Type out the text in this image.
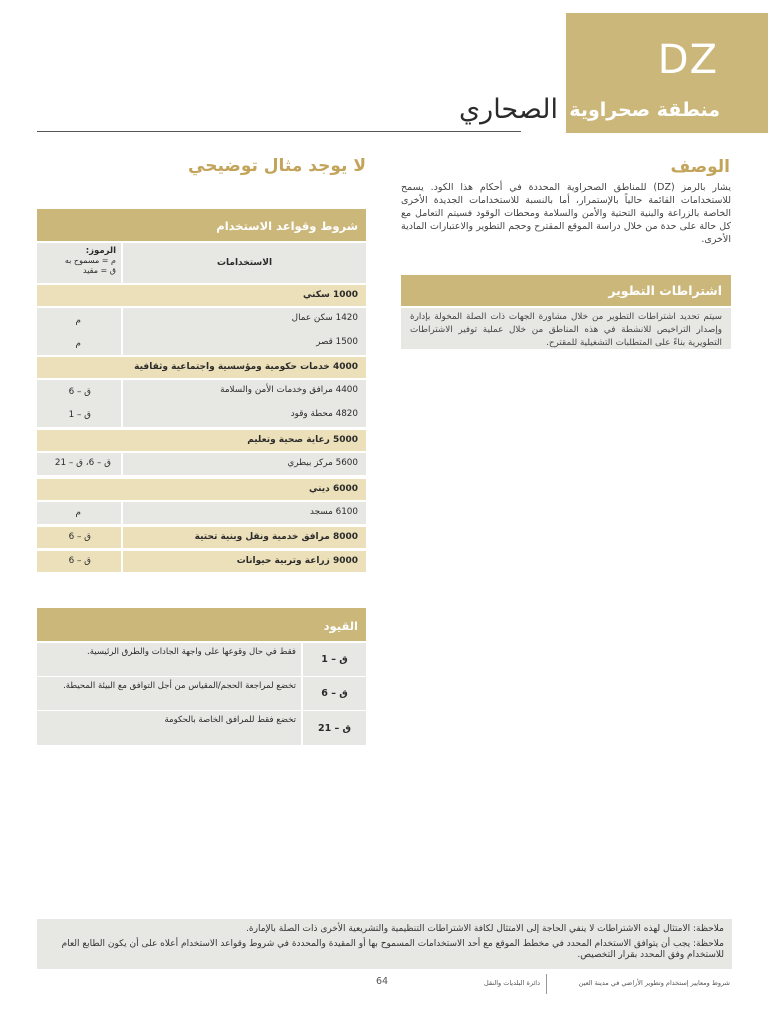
DZ
منطقة صحراوية
الصحاري
الوصف
يشار بالرمز (DZ) للمناطق الصحراوية المحددة في أحكام هذا الكود. يسمح للاستخدامات القائمة حالياً بالإستمرار، أما بالنسبة للاستخدامات الجديدة الأخرى الخاصة بالزراعة والبنية التحتية والأمن والسلامة ومحطات الوقود فسيتم التعامل مع كل حالة على حدة من خلال دراسة الموقع المقترح وحجم التطوير والاعتبارات المادية الأخرى.
اشتراطات التطوير
سيتم تحديد اشتراطات التطوير من خلال مشاورة الجهات ذات الصلة المخولة بإدارة وإصدار التراخيص للانشطة في هذه المناطق من خلال عملية توفير الاشتراطات التطويرية بناءً على المتطلبات التشغيلية للمقترح.
لا يوجد مثال توضيحي
شروط وقواعد الاستخدام
الاستخدامات
الرموز:
م = مسموح به
ق = مقيد
1000 سكني
1420 سكن عمال
1500 قصر
م
م
4000 خدمات حكومية ومؤسسية واجتماعية وثقافية
4400 مرافق وخدمات الأمن والسلامة
4820 محطة وقود
ق – 6
ق – 1
5000 رعاية صحية وتعليم
5600 مركز بيطري
ق – 6، ق – 21
6000 ديني
6100 مسجد
م
8000 مرافق خدمية ونقل وبنية تحتية
ق – 6
9000 زراعة وتربية حيوانات
ق – 6
القيود
ق – 1
فقط في حال وقوعها على واجهة الجادات والطرق الرئيسية.
ق – 6
تخضع لمراجعة الحجم/المقياس من أجل التوافق مع البيئة المحيطة.
ق – 21
تخضع فقط للمرافق الخاصة بالحكومة

ملاحظة: الامتثال لهذه الاشتراطات لا ينفي الحاجة إلى الامتثال لكافة الاشتراطات التنظيمية والتشريعية الأخرى ذات الصلة بالإمارة.

ملاحظة: يجب أن يتوافق الاستخدام المحدد في مخطط الموقع مع أحد الاستخدامات المسموح بها أو المقيدة والمحددة في شروط وقواعد الاستخدام أعلاه على أن يكون الطابع العام للاستخدام وفق المحدد بقرار التخصيص.

شروط ومعايير إستخدام وتطوير الأراضي في مدينة العين
دائرة البلديات والنقل
64
